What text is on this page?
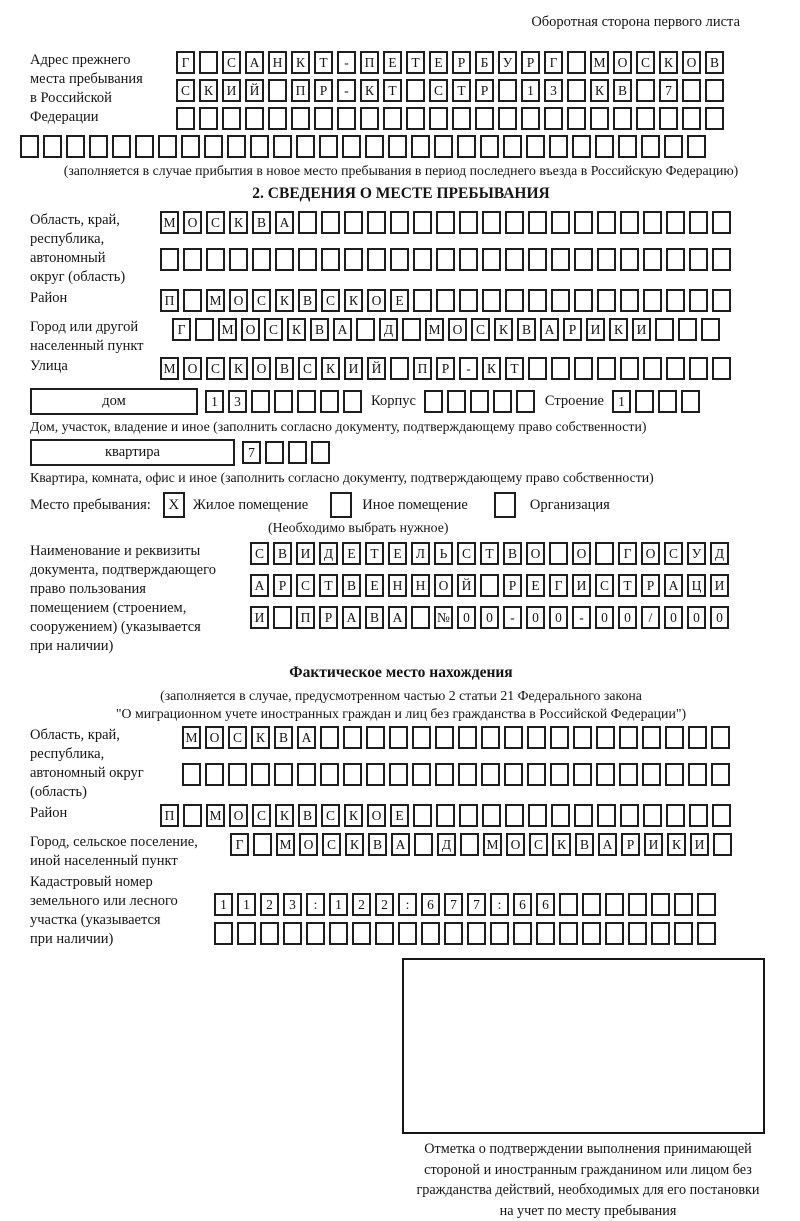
Оборотная сторона первого листа
Адрес прежнего
места пребывания
в Российской
Федерации
Г	С	А Н	К	Т	-	П	Е	Т	Е	Р	Б	У	Р	Г	М О	С	К	О	В
С	К	И Й	П	Р	-	К	Т	С	Т	Р	1	3	К	В	7
(заполняется в случае прибытия в новое место пребывания в период последнего въезда в Российскую Федерацию)
2. СВЕДЕНИЯ О МЕСТЕ ПРЕБЫВАНИЯ
Область, край,
республика,
автономный
округ (область)
М О	С	К	В	А
Район	П	М О	С	К	В	С	К	О	Е
Город или другой
населенный пункт
Г	М О	С	К	В	А	Д	М О	С	К	В	А	Р	И	К	И
Улица	М О	С	К	О	В	С	К	И Й	П	Р	-	К	Т
дом	1	3	Корпус	Строение	1
Дом, участок, владение и иное (заполнить согласно документу, подтверждающему право собственности)
квартира	7
Квартира, комната, офис и иное (заполнить согласно документу, подтверждающему право собственности)
Место пребывания:	X Жилое помещение	Иное помещение	Организация
(Необходимо выбрать нужное)
Наименование и реквизиты
документа, подтверждающего
право пользования
помещением (строением,
сооружением) (указывается
при наличии)
С	В	И	Д	Е	Т	Е	Л	Ь	С	Т	В	О	О	Г	О	С	У	Д
А	Р	С	Т	В	Е	Н Н О Й	Р	Е	Г	И	С	Т	Р	А Ц И
И	П	Р	А	В	А	№ 0	0	-	0	0	-	0	0	/	0	0	0
Фактическое место нахождения
(заполняется в случае, предусмотренном частью 2 статьи 21 Федерального закона
"О миграционном учете иностранных граждан и лиц без гражданства в Российской Федерации")
Область, край,
республика,
автономный округ
(область)
М О	С	К	В	А
Район	П	М О	С	К	В	С	К	О	Е
Город, сельское поселение,
иной населенный пункт
Г	М О	С	К	В	А	Д	М О	С	К	В	А	Р	И	К	И
Кадастровый номер
земельного или лесного
участка (указывается
при наличии)
1	1	2	3	:	1	2	2	:	6	7	7	:	6	6
Отметка о подтверждении выполнения принимающей
стороной и иностранным гражданином или лицом без
гражданства действий, необходимых для его постановки
на учет по месту пребывания
